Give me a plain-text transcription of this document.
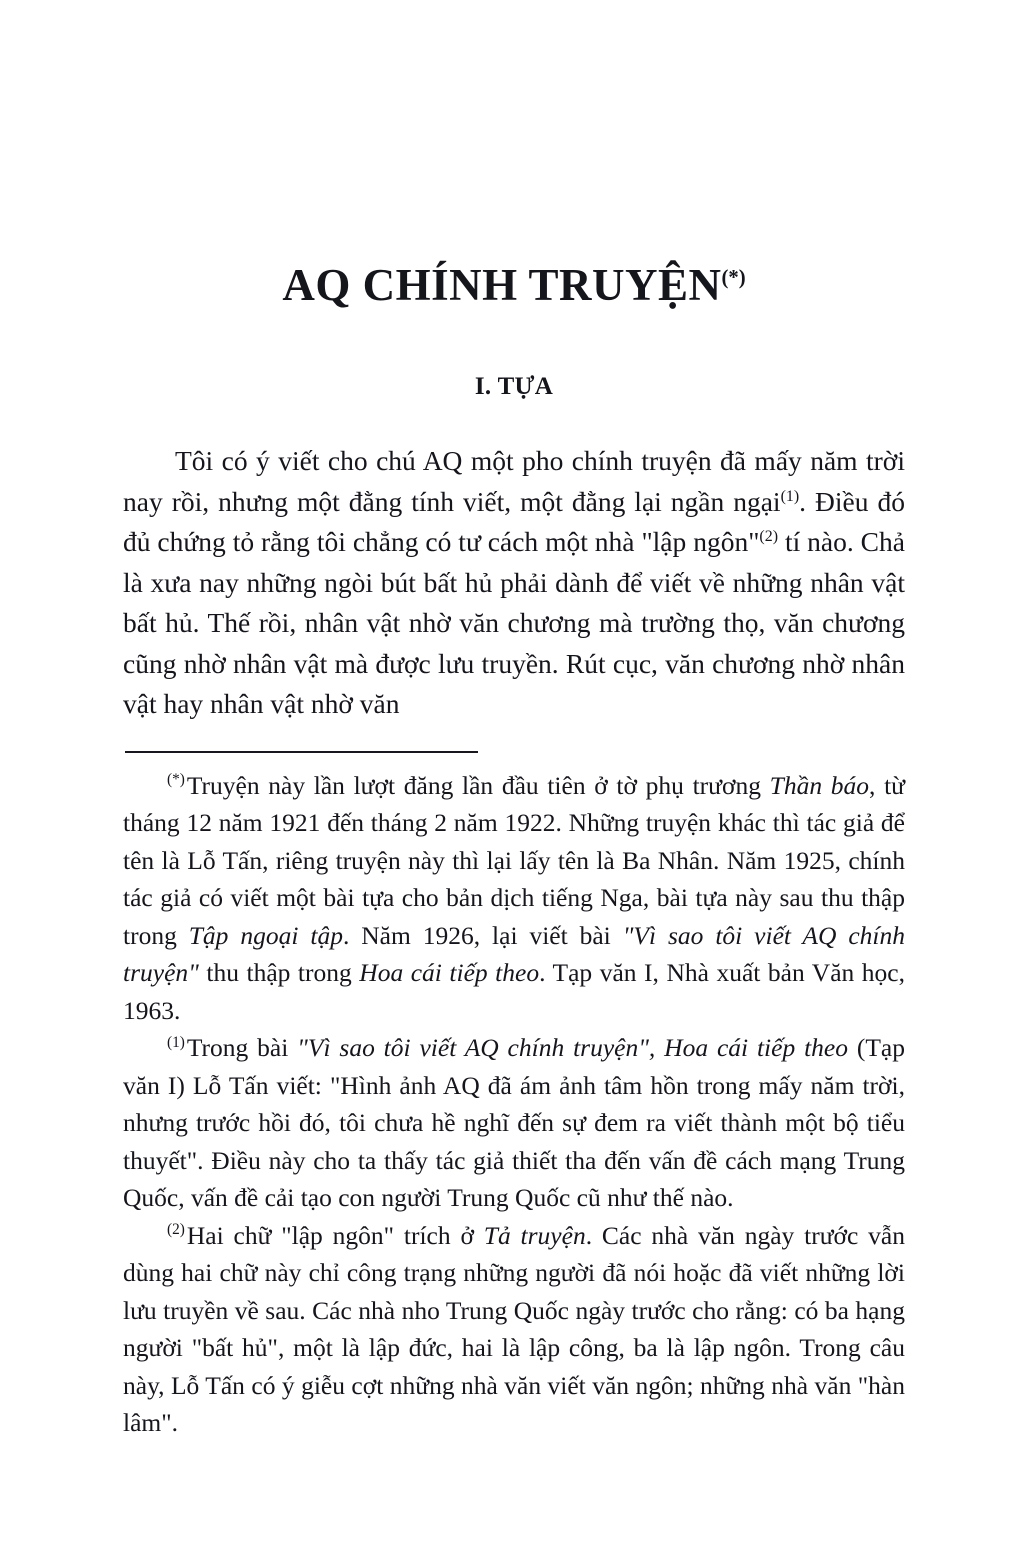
AQ CHÍNH TRUYỆN(*)
I. TỰA

Tôi có ý viết cho chú AQ một pho chính truyện đã mấy năm trời nay rồi, nhưng một đằng tính viết, một đằng lại ngần ngại$^{(1)}$. Điều đó đủ chứng tỏ rằng tôi chẳng có tư cách một nhà "lập ngôn"$^{(2)}$ tí nào. Chả là xưa nay những ngòi bút bất hủ phải dành để viết về những nhân vật bất hủ. Thế rồi, nhân vật nhờ văn chương mà trường thọ, văn chương cũng nhờ nhân vật mà được lưu truyền. Rút cục, văn chương nhờ nhân vật hay nhân vật nhờ văn

(*)Truyện này lần lượt đăng lần đầu tiên ở tờ phụ trương Thần báo, từ tháng 12 năm 1921 đến tháng 2 năm 1922. Những truyện khác thì tác giả để tên là Lỗ Tấn, riêng truyện này thì lại lấy tên là Ba Nhân. Năm 1925, chính tác giả có viết một bài tựa cho bản dịch tiếng Nga, bài tựa này sau thu thập trong Tập ngoại tập. Năm 1926, lại viết bài "Vì sao tôi viết AQ chính truyện" thu thập trong Hoa cái tiếp theo. Tạp văn I, Nhà xuất bản Văn học, 1963.

$^{(1)}$Trong bài "Vì sao tôi viết AQ chính truyện", Hoa cái tiếp theo (Tạp văn I) Lỗ Tấn viết: "Hình ảnh AQ đã ám ảnh tâm hồn trong mấy năm trời, nhưng trước hồi đó, tôi chưa hề nghĩ đến sự đem ra viết thành một bộ tiểu thuyết". Điều này cho ta thấy tác giả thiết tha đến vấn đề cách mạng Trung Quốc, vấn đề cải tạo con người Trung Quốc cũ như thế nào.

$^{(2)}$Hai chữ "lập ngôn" trích ở Tả truyện. Các nhà văn ngày trước vẫn dùng hai chữ này chỉ công trạng những người đã nói hoặc đã viết những lời lưu truyền về sau. Các nhà nho Trung Quốc ngày trước cho rằng: có ba hạng người "bất hủ", một là lập đức, hai là lập công, ba là lập ngôn. Trong câu này, Lỗ Tấn có ý giễu cợt những nhà văn viết văn ngôn; những nhà văn "hàn lâm".
